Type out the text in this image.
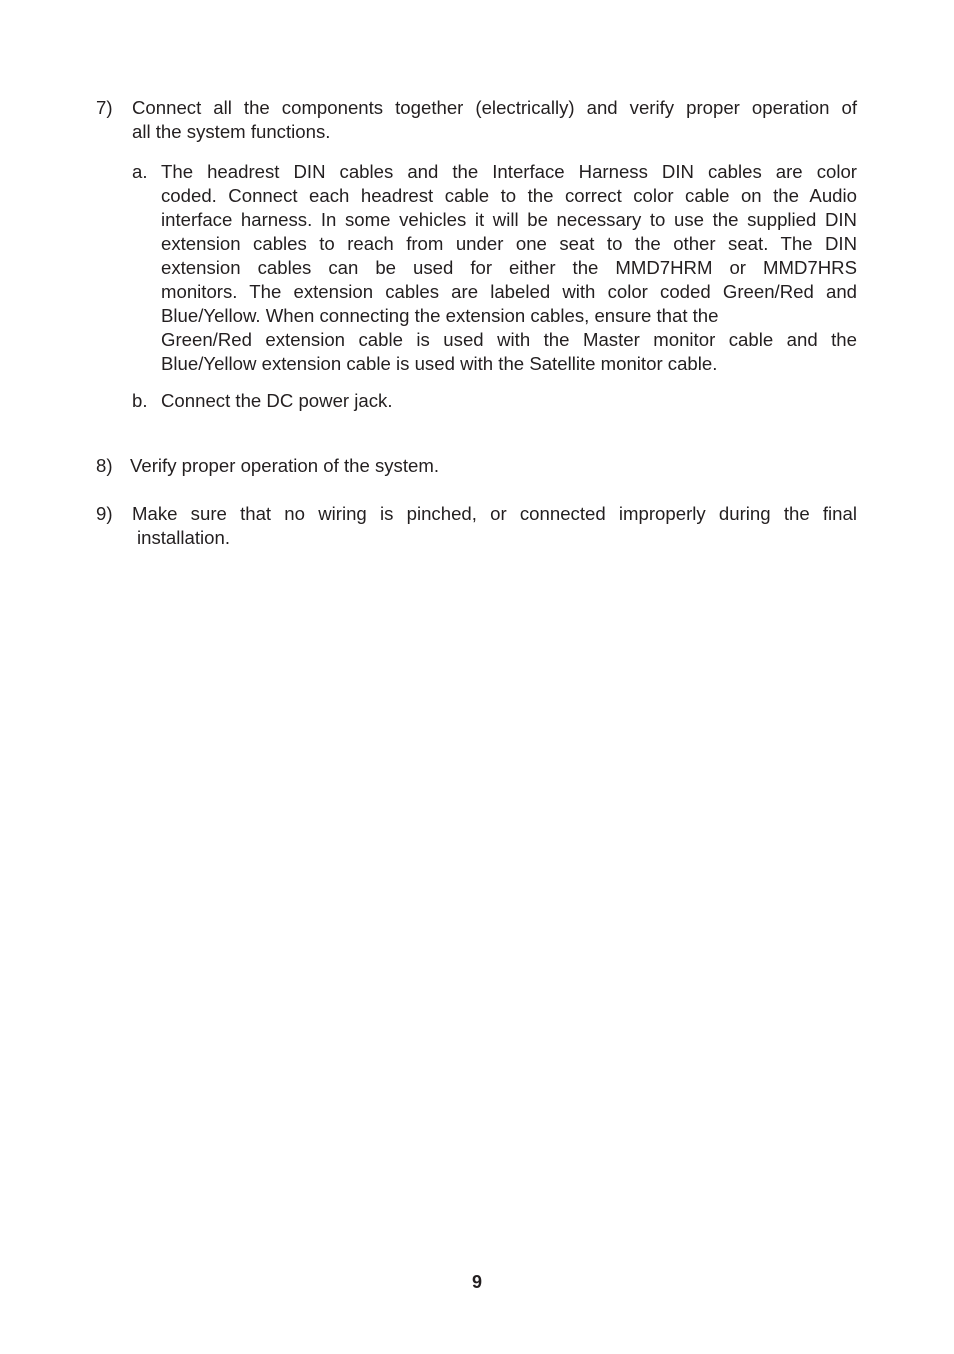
7) Connect all the components together (electrically) and verify proper operation of
all the system functions.
a. The headrest DIN cables and the Interface Harness DIN cables are color
coded. Connect each headrest cable to the correct color cable on the Audio
interface harness. In some vehicles it will be necessary to use the supplied DIN
extension cables to reach from under one seat to the other seat. The DIN
extension cables can be used for either the MMD7HRM or MMD7HRS
monitors. The extension cables are labeled with color coded Green/Red and
Blue/Yellow. When connecting the extension cables, ensure that the
Green/Red extension cable is used with the Master monitor cable and the
Blue/Yellow extension cable is used with the Satellite monitor cable.
b. Connect the DC power jack.
8) Verify proper operation of the system.
9) Make sure that no wiring is pinched, or connected improperly during the final
installation.
9
